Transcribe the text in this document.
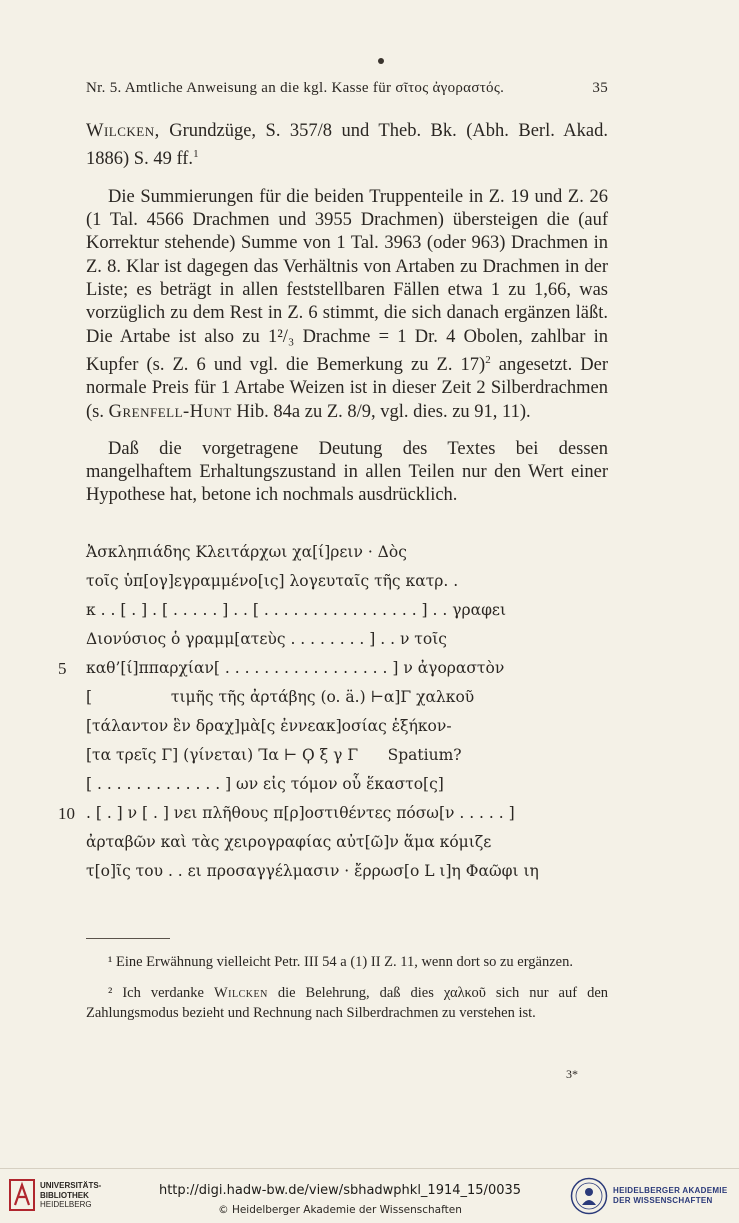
Nr. 5. Amtliche Anweisung an die kgl. Kasse für σῖτος ἀγοραστός.	35

Wilcken, Grundzüge, S. 357/8 und Theb. Bk. (Abh. Berl. Akad. 1886) S. 49 ff.$^1$

Die Summierungen für die beiden Truppenteile in Z. 19 und Z. 26 (1 Tal. 4566 Drachmen und 3955 Drachmen) übersteigen die (auf Korrektur stehende) Summe von 1 Tal. 3963 (oder 963) Drachmen in Z. 8. Klar ist dagegen das Verhältnis von Artaben zu Drachmen in der Liste; es beträgt in allen feststellbaren Fällen etwa 1 zu 1,66, was vorzüglich zu dem Rest in Z. 6 stimmt, die sich danach ergänzen läßt. Die Artabe ist also zu 1²/₃ Drachme = 1 Dr. 4 Obolen, zahlbar in Kupfer (s. Z. 6 und vgl. die Bemerkung zu Z. 17)$^2$ angesetzt. Der normale Preis für 1 Artabe Weizen ist in dieser Zeit 2 Silberdrachmen (s. Grenfell-Hunt Hib. 84a zu Z. 8/9, vgl. dies. zu 91, 11).

Daß die vorgetragene Deutung des Textes bei dessen mangelhaftem Erhaltungszustand in allen Teilen nur den Wert einer Hypothese hat, betone ich nochmals ausdrücklich.

Ἀσκληπιάδης Κλειτάρχωι χα[ί]ρειν · Δὸς
τοῖς ὑπ[ογ]εγραμμένο[ις] λογευταῖς τῆς κατρ. .
κ . . [ . ] . [ . . . . . ] . . [ . . . . . . . . . . . . . . . . ] . . γραφει
Διονύσιος ὁ γραμμ[ατεὺς . . . . . . . . ] . . ν τοῖς
5	καθ’[ί]ππαρχίαν[ . . . . . . . . . . . . . . . . . ] ν ἀγοραστὸν
[                τιμῆς τῆς ἀρτάβης (o. ä.) ⊢α]Γ χαλκοῦ
[τάλαντον ἓν δραχ]μὰ[ς ἐννεακ]οσίας ἑξήκον-
[τα τρεῖς Γ] (γίνεται) Ꞁα ⊢ Ϙ ξ γ Γ      Spatium?
[ . . . . . . . . . . . . . ] ων εἰς τόμον οὗ ἕκαστο[ς]
10 . [ . ] ν [ . ] νει πλῆθους π[ρ]οστιθέντες πόσω[ν . . . . . ]
ἀρταβῶν καὶ τὰς χειρογραφίας αὐτ[ῶ]ν ἅμα κόμιζε
τ[ο]ῖς του . . ει προσαγγέλμασιν · ἔρρωσ[ο L ι]η Φαῶφι ιη

¹ Eine Erwähnung vielleicht Petr. III 54 a (1) II Z. 11, wenn dort so zu ergänzen.

² Ich verdanke Wilcken die Belehrung, daß dies χαλκοῦ sich nur auf den Zahlungsmodus bezieht und Rechnung nach Silberdrachmen zu verstehen ist.

3*
UNIVERSITÄTS-
BIBLIOTHEK
HEIDELBERG
http://digi.hadw-bw.de/view/sbhadwphkl_1914_15/0035
© Heidelberger Akademie der Wissenschaften
HEIDELBERGER AKADEMIE
DER WISSENSCHAFTEN
